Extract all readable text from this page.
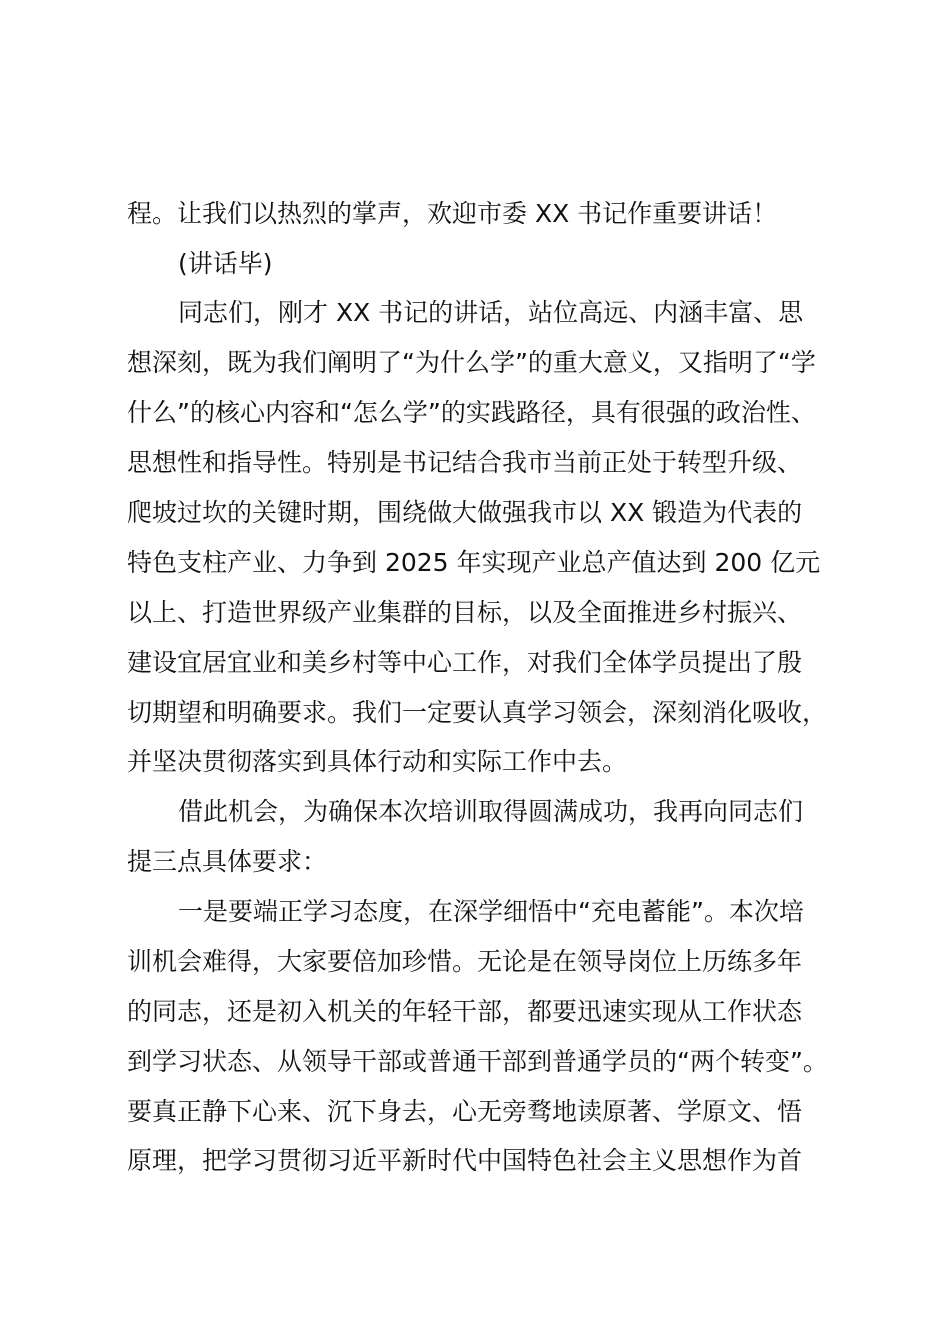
程。让我们以热烈的掌声，欢迎市委 XX 书记作重要讲话！

(讲话毕)

同志们，刚才 XX 书记的讲话，站位高远、内涵丰富、思

想深刻，既为我们阐明了“为什么学”的重大意义，又指明了“学

什么”的核心内容和“怎么学”的实践路径，具有很强的政治性、

思想性和指导性。特别是书记结合我市当前正处于转型升级、

爬坡过坎的关键时期，围绕做大做强我市以 XX 锻造为代表的

特色支柱产业、力争到 2025 年实现产业总产值达到 200 亿元

以上、打造世界级产业集群的目标，以及全面推进乡村振兴、

建设宜居宜业和美乡村等中心工作，对我们全体学员提出了殷

切期望和明确要求。我们一定要认真学习领会，深刻消化吸收，

并坚决贯彻落实到具体行动和实际工作中去。

借此机会，为确保本次培训取得圆满成功，我再向同志们

提三点具体要求：

一是要端正学习态度，在深学细悟中“充电蓄能”。本次培

训机会难得，大家要倍加珍惜。无论是在领导岗位上历练多年

的同志，还是初入机关的年轻干部，都要迅速实现从工作状态

到学习状态、从领导干部或普通干部到普通学员的“两个转变”。

要真正静下心来、沉下身去，心无旁骛地读原著、学原文、悟

原理，把学习贯彻习近平新时代中国特色社会主义思想作为首
